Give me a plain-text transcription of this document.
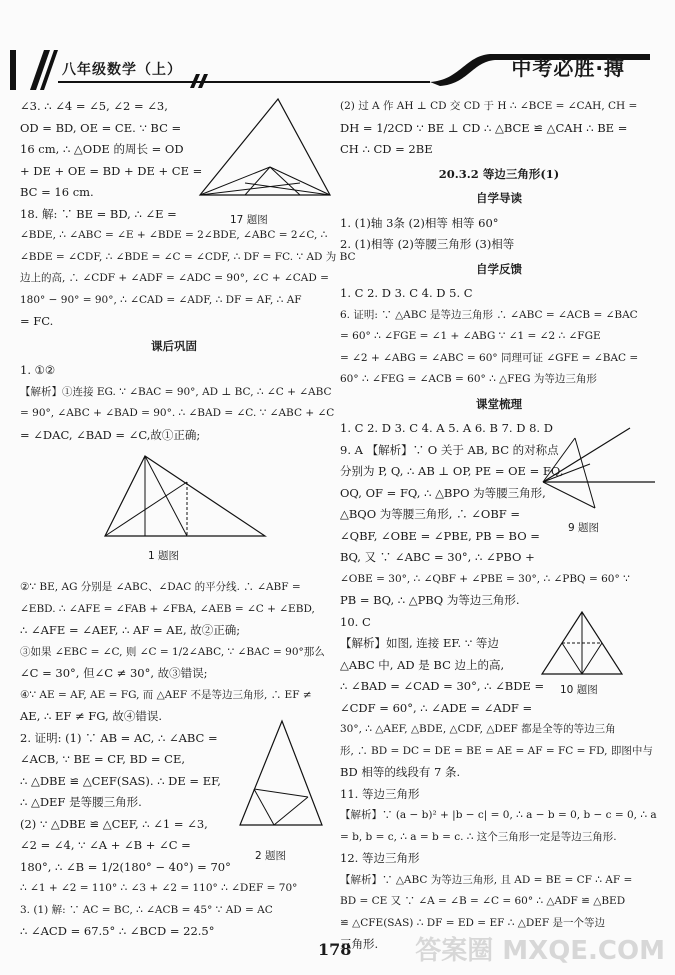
八年级数学（上）	中考必胜·搏

∠3. ∴ ∠4 = ∠5, ∠2 = ∠3,

OD = BD, OE = CE. ∵ BC =

16 cm, ∴ △ODE 的周长 = OD

+ DE + OE = BD + DE + CE =

BC = 16 cm.

18. 解: ∵ BE = BD, ∴ ∠E =

∠BDE, ∴ ∠ABC = ∠E + ∠BDE = 2∠BDE, ∠ABC = 2∠C, ∴

∠BDE = ∠CDF, ∴ ∠BDE = ∠C = ∠CDF, ∴ DF = FC. ∵ AD 为 BC

边上的高, ∴ ∠CDF + ∠ADF = ∠ADC = 90°, ∠C + ∠CAD =

180° − 90° = 90°, ∴ ∠CAD = ∠ADF, ∴ DF = AF, ∴ AF

= FC.

课后巩固

1. ①②

【解析】①连接 EG. ∵ ∠BAC = 90°, AD ⊥ BC, ∴ ∠C + ∠ABC

= 90°, ∠ABC + ∠BAD = 90°. ∴ ∠BAD = ∠C. ∵ ∠ABC + ∠C

= ∠DAC, ∠BAD = ∠C,故①正确;

②∵ BE, AG 分别是 ∠ABC、∠DAC 的平分线. ∴ ∠ABF =

∠EBD. ∴ ∠AFE = ∠FAB + ∠FBA, ∠AEB = ∠C + ∠EBD,

∴ ∠AFE = ∠AEF, ∴ AF = AE, 故②正确;

③如果 ∠EBC = ∠C, 则 ∠C = 1/2∠ABC, ∵ ∠BAC = 90°那么

∠C = 30°, 但∠C ≠ 30°, 故③错误;

④∵ AE = AF, AE = FG, 而 △AEF 不是等边三角形, ∴ EF ≠

AE, ∴ EF ≠ FG, 故④错误.

2. 证明: (1) ∵ AB = AC, ∴ ∠ABC =

∠ACB, ∵ BE = CF, BD = CE,

∴ △DBE ≌ △CEF(SAS). ∴ DE = EF,

∴ △DEF 是等腰三角形.

(2) ∵ △DBE ≌ △CEF, ∴ ∠1 = ∠3,

∠2 = ∠4, ∵ ∠A + ∠B + ∠C =

180°, ∴ ∠B = 1/2(180° − 40°) = 70°

∴ ∠1 + ∠2 = 110° ∴ ∠3 + ∠2 = 110° ∴ ∠DEF = 70°

3. (1) 解: ∵ AC = BC, ∴ ∠ACB = 45° ∵ AD = AC

∴ ∠ACD = 67.5° ∴ ∠BCD = 22.5°

17 题图
1 题图
2 题图

(2) 过 A 作 AH ⊥ CD 交 CD 于 H ∴ ∠BCE = ∠CAH, CH =

DH = 1/2CD ∵ BE ⊥ CD ∴ △BCE ≌ △CAH ∴ BE =

CH ∴ CD = 2BE

20.3.2 等边三角形(1)

自学导读

1. (1)轴 3条 (2)相等 相等 60°

2. (1)相等 (2)等腰三角形 (3)相等

自学反馈

1. C 2. D 3. C 4. D 5. C

6. 证明: ∵ △ABC 是等边三角形 ∴ ∠ABC = ∠ACB = ∠BAC

= 60° ∴ ∠FGE = ∠1 + ∠ABG ∵ ∠1 = ∠2 ∴ ∠FGE

= ∠2 + ∠ABG = ∠ABC = 60° 同理可证 ∠GFE = ∠BAC =

60° ∴ ∠FEG = ∠ACB = 60° ∴ △FEG 为等边三角形

课堂梳理

1. C 2. D 3. C 4. A 5. A 6. B 7. D 8. D

9. A 【解析】∵ O 关于 AB, BC 的对称点

分别为 P, Q, ∴ AB ⊥ OP, PE = OE = FQ,

OQ, OF = FQ, ∴ △BPO 为等腰三角形,

△BQO 为等腰三角形, ∴ ∠OBF =

∠QBF, ∠OBE = ∠PBE, PB = BO =

BQ, 又 ∵ ∠ABC = 30°, ∴ ∠PBO +

∠OBE = 30°, ∴ ∠QBF + ∠PBE = 30°, ∴ ∠PBQ = 60° ∵

PB = BQ, ∴ △PBQ 为等边三角形.

10. C

【解析】如图, 连接 EF. ∵ 等边

△ABC 中, AD 是 BC 边上的高,

∴ ∠BAD = ∠CAD = 30°, ∴ ∠BDE =

∠CDF = 60°, ∴ ∠ADE = ∠ADF =

30°, ∴ △AEF, △BDE, △CDF, △DEF 都是全等的等边三角

形, ∴ BD = DC = DE = BE = AE = AF = FC = FD, 即图中与

BD 相等的线段有 7 条.

11. 等边三角形

【解析】∵ (a − b)² + |b − c| = 0, ∴ a − b = 0, b − c = 0, ∴ a

= b, b = c, ∴ a = b = c. ∴ 这个三角形一定是等边三角形.

12. 等边三角形

【解析】∵ △ABC 为等边三角形, 且 AD = BE = CF ∴ AF =

BD = CE 又 ∵ ∠A = ∠B = ∠C = 60° ∴ △ADF ≌ △BED

≌ △CFE(SAS) ∴ DF = ED = EF ∴ △DEF 是一个等边

三角形.

9 题图
10 题图
178 答案圈 MXQE.COM
